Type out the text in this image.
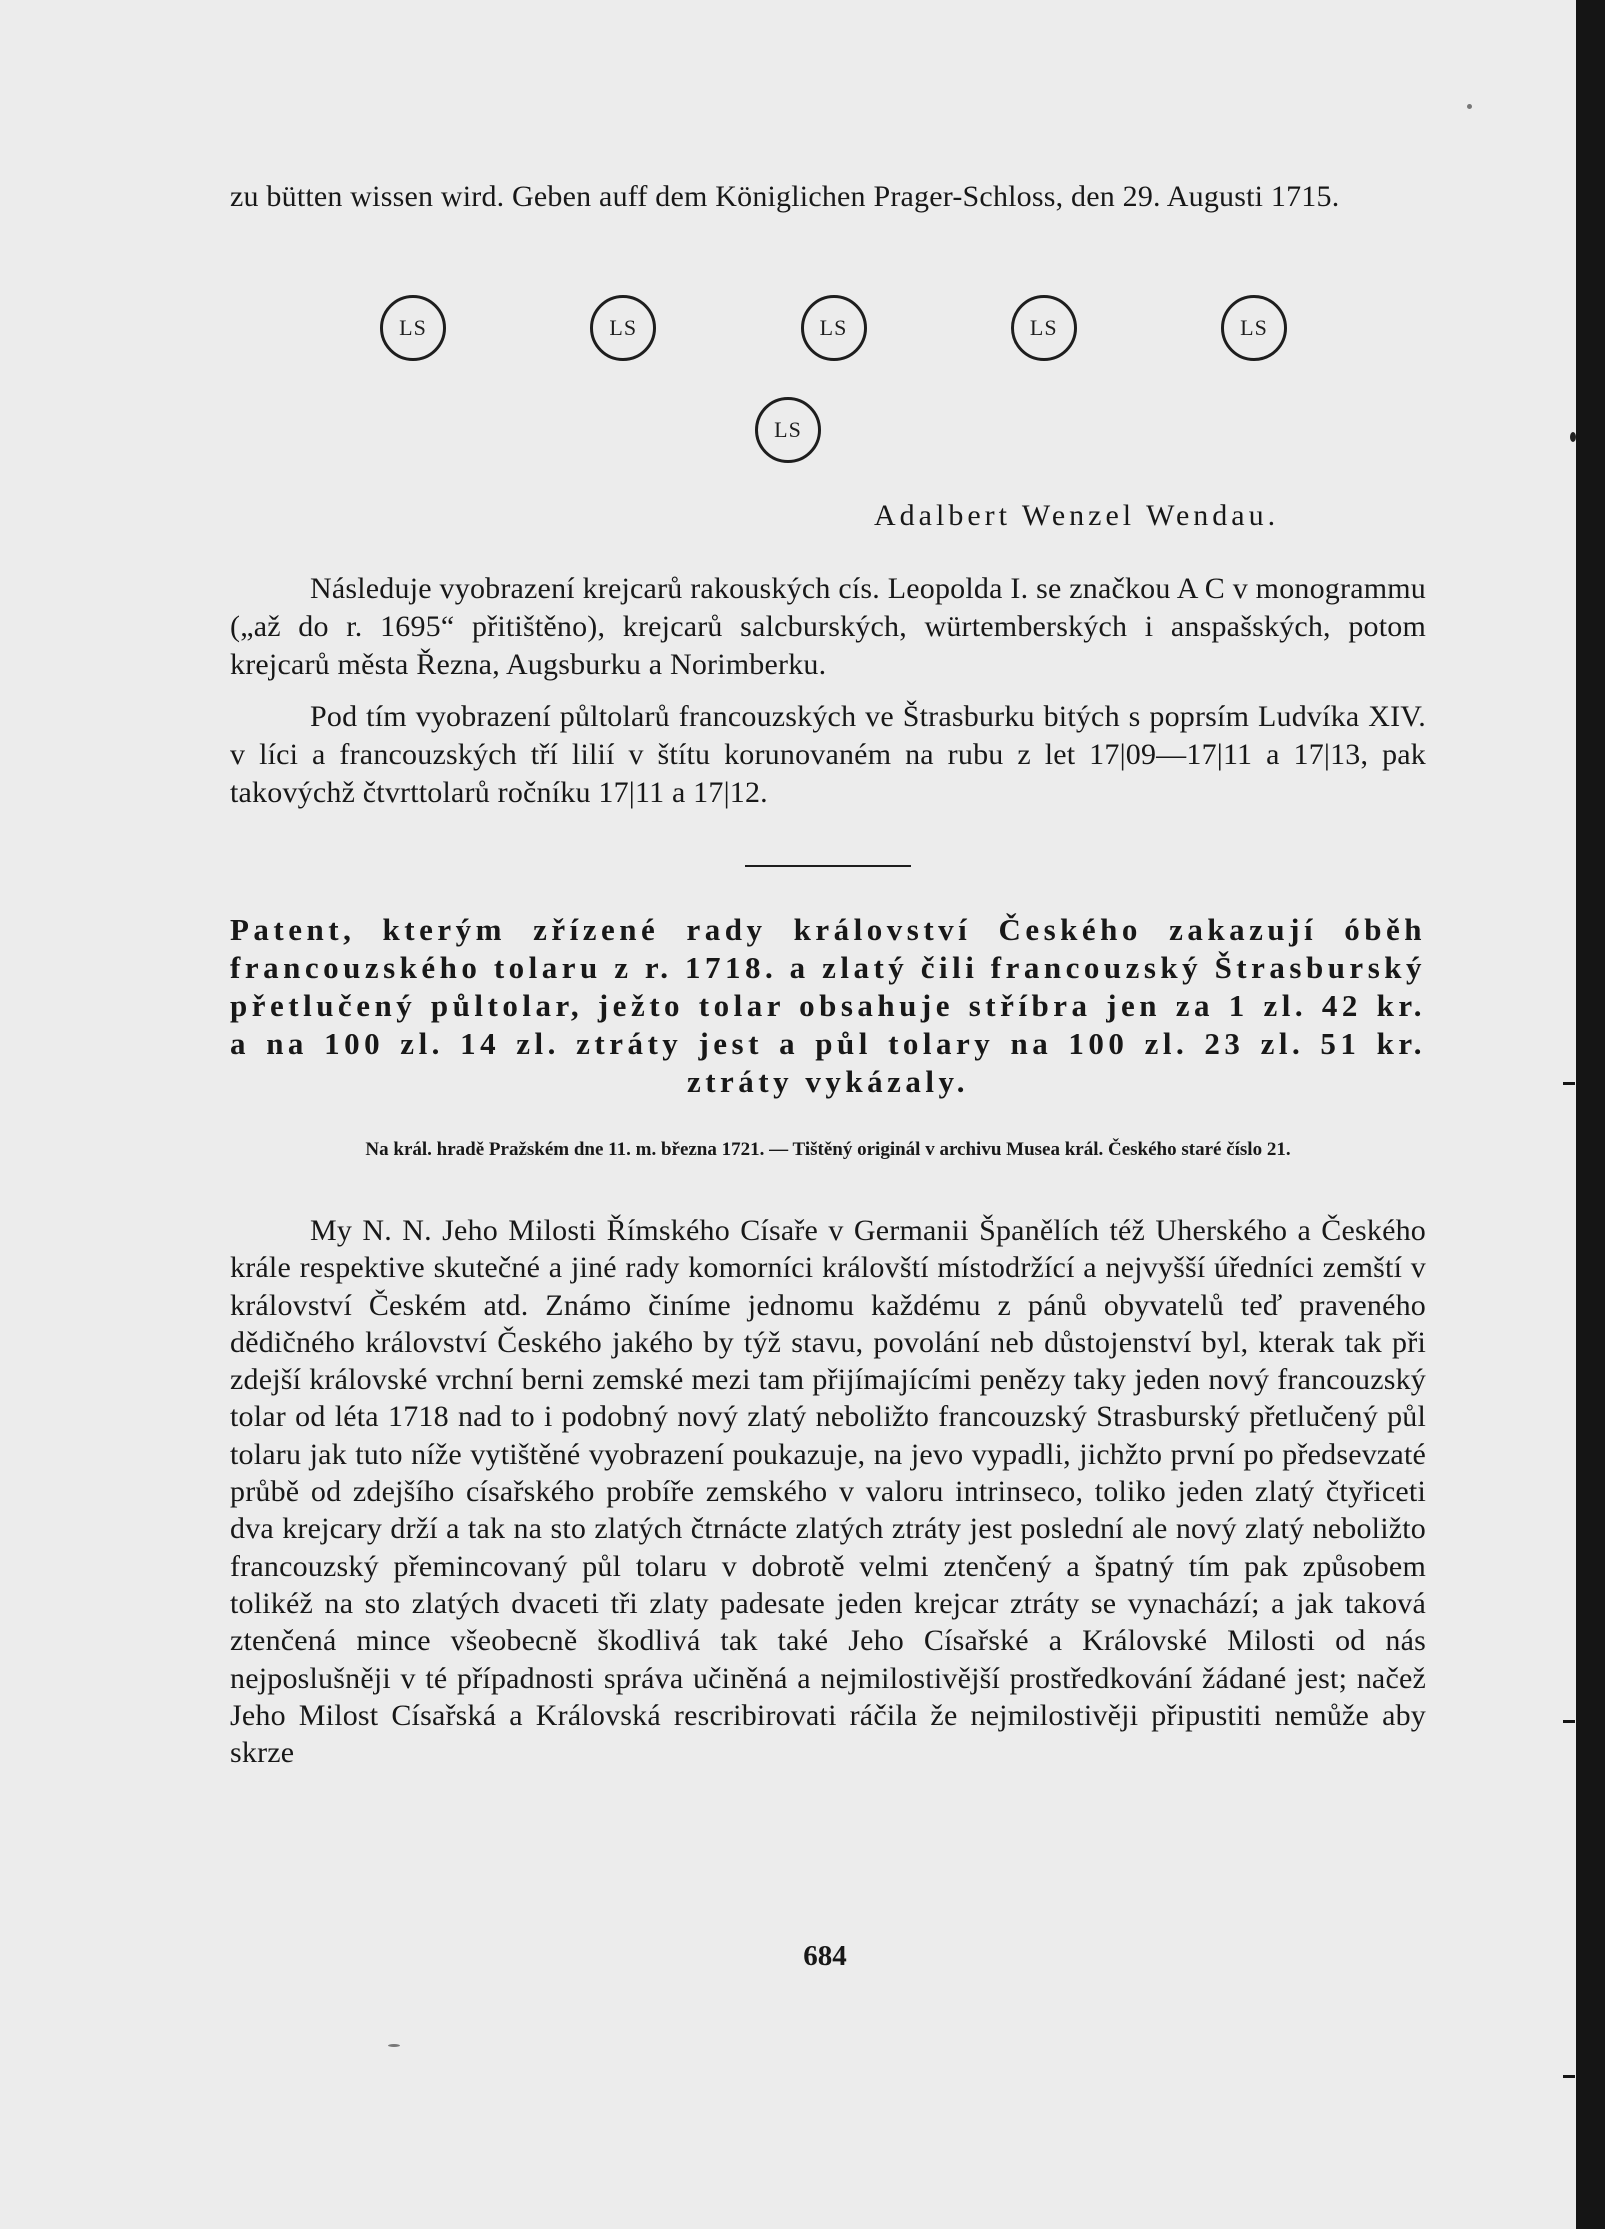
zu bütten wissen wird. Geben auff dem Königlichen Prager-Schloss, den 29. Augusti 1715.

LS	LS	LS	LS	LS
LS
Adalbert Wenzel Wendau.

Následuje vyobrazení krejcarů rakouských cís. Leopolda I. se značkou A C v monogrammu („až do r. 1695“ přitištěno), krejcarů salcburských, würtemberských i anspašských, potom krejcarů města Řezna, Augsburku a Norimberku.

Pod tím vyobrazení půltolarů francouzských ve Štrasburku bitých s poprsím Ludvíka XIV. v líci a francouzských tří lilií v štítu korunovaném na rubu z let 17|09—17|11 a 17|13, pak takovýchž čtvrttolarů ročníku 17|11 a 17|12.

Patent, kterým zřízené rady království Českého zakazují óběh francouzského tolaru z r. 1718. a zlatý čili francouzský Štrasburský přetlučený půltolar, ježto tolar obsahuje stříbra jen za 1 zl. 42 kr. a na 100 zl. 14 zl. ztráty jest a půl tolary na 100 zl. 23 zl. 51 kr. ztráty vykázaly.

Na král. hradě Pražském dne 11. m. března 1721. — Tištěný originál v archivu Musea král. Českého staré číslo 21.

My N. N. Jeho Milosti Římského Císaře v Germanii Španělích též Uherského a Českého krále respektive skutečné a jiné rady komorníci královští místodržící a nejvyšší úředníci zemští v království Českém atd. Známo činíme jednomu každému z pánů obyvatelů teď praveného dědičného království Českého jakého by týž stavu, povolání neb důstojenství byl, kterak tak při zdejší královské vrchní berni zemské mezi tam přijímajícími penězy taky jeden nový francouzský tolar od léta 1718 nad to i podobný nový zlatý neboližto francouzský Strasburský přetlučený půl tolaru jak tuto níže vytištěné vyobrazení poukazuje, na jevo vypadli, jichžto první po předsevzaté průbě od zdejšího císařského probíře zemského v valoru intrinseco, toliko jeden zlatý čtyřiceti dva krejcary drží a tak na sto zlatých čtrnácte zlatých ztráty jest poslední ale nový zlatý neboližto francouzský přemincovaný půl tolaru v dobrotě velmi ztenčený a špatný tím pak způsobem tolikéž na sto zlatých dvaceti tři zlaty padesate jeden krejcar ztráty se vynachází; a jak taková ztenčená mince všeobecně škodlivá tak také Jeho Císařské a Královské Milosti od nás nejposlušněji v té případnosti správa učiněná a nejmilostivější prostředkování žádané jest; načež Jeho Milost Císařská a Královská rescribirovati ráčila že nejmilostivěji připustiti nemůže aby skrze

684
